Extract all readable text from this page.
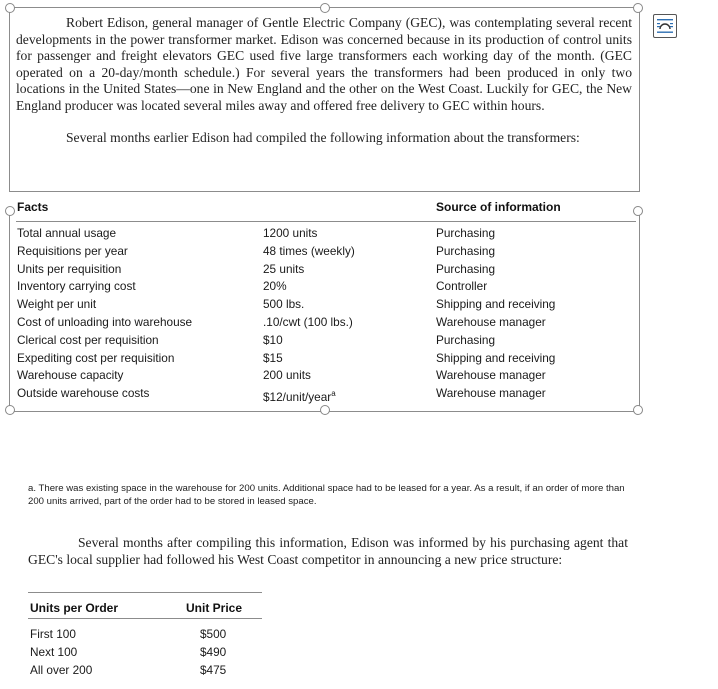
Robert Edison, general manager of Gentle Electric Company (GEC), was contemplating several recent developments in the power transformer market. Edison was concerned because in its production of control units for passenger and freight elevators GEC used five large transformers each working day of the month. (GEC operated on a 20-day/month schedule.) For several years the transformers had been produced in only two locations in the United States—one in New England and the other on the West Coast. Luckily for GEC, the New England producer was located several miles away and offered free delivery to GEC within hours.

Several months earlier Edison had compiled the following information about the transformers:

Facts	Source of information
Total annual usage
Requisitions per year
Units per requisition
Inventory carrying cost
Weight per unit
Cost of unloading into warehouse
Clerical cost per requisition
Expediting cost per requisition
Warehouse capacity
Outside warehouse costs
1200 units
48 times (weekly)
25 units
20%
500 lbs.
.10/cwt (100 lbs.)
$10
$15
200 units
$12/unit/year$^a$
Purchasing
Purchasing
Purchasing
Controller
Shipping and receiving
Warehouse manager
Purchasing
Shipping and receiving
Warehouse manager
Warehouse manager
a. There was existing space in the warehouse for 200 units. Additional space had to be leased for a year. As a result, if an order of more than 200 units arrived, part of the order had to be stored in leased space.
Several months after compiling this information, Edison was informed by his purchasing agent that GEC's local supplier had followed his West Coast competitor in announcing a new price structure:
Units per Order	Unit Price
First 100
Next 100
All over 200
$500
$490
$475
